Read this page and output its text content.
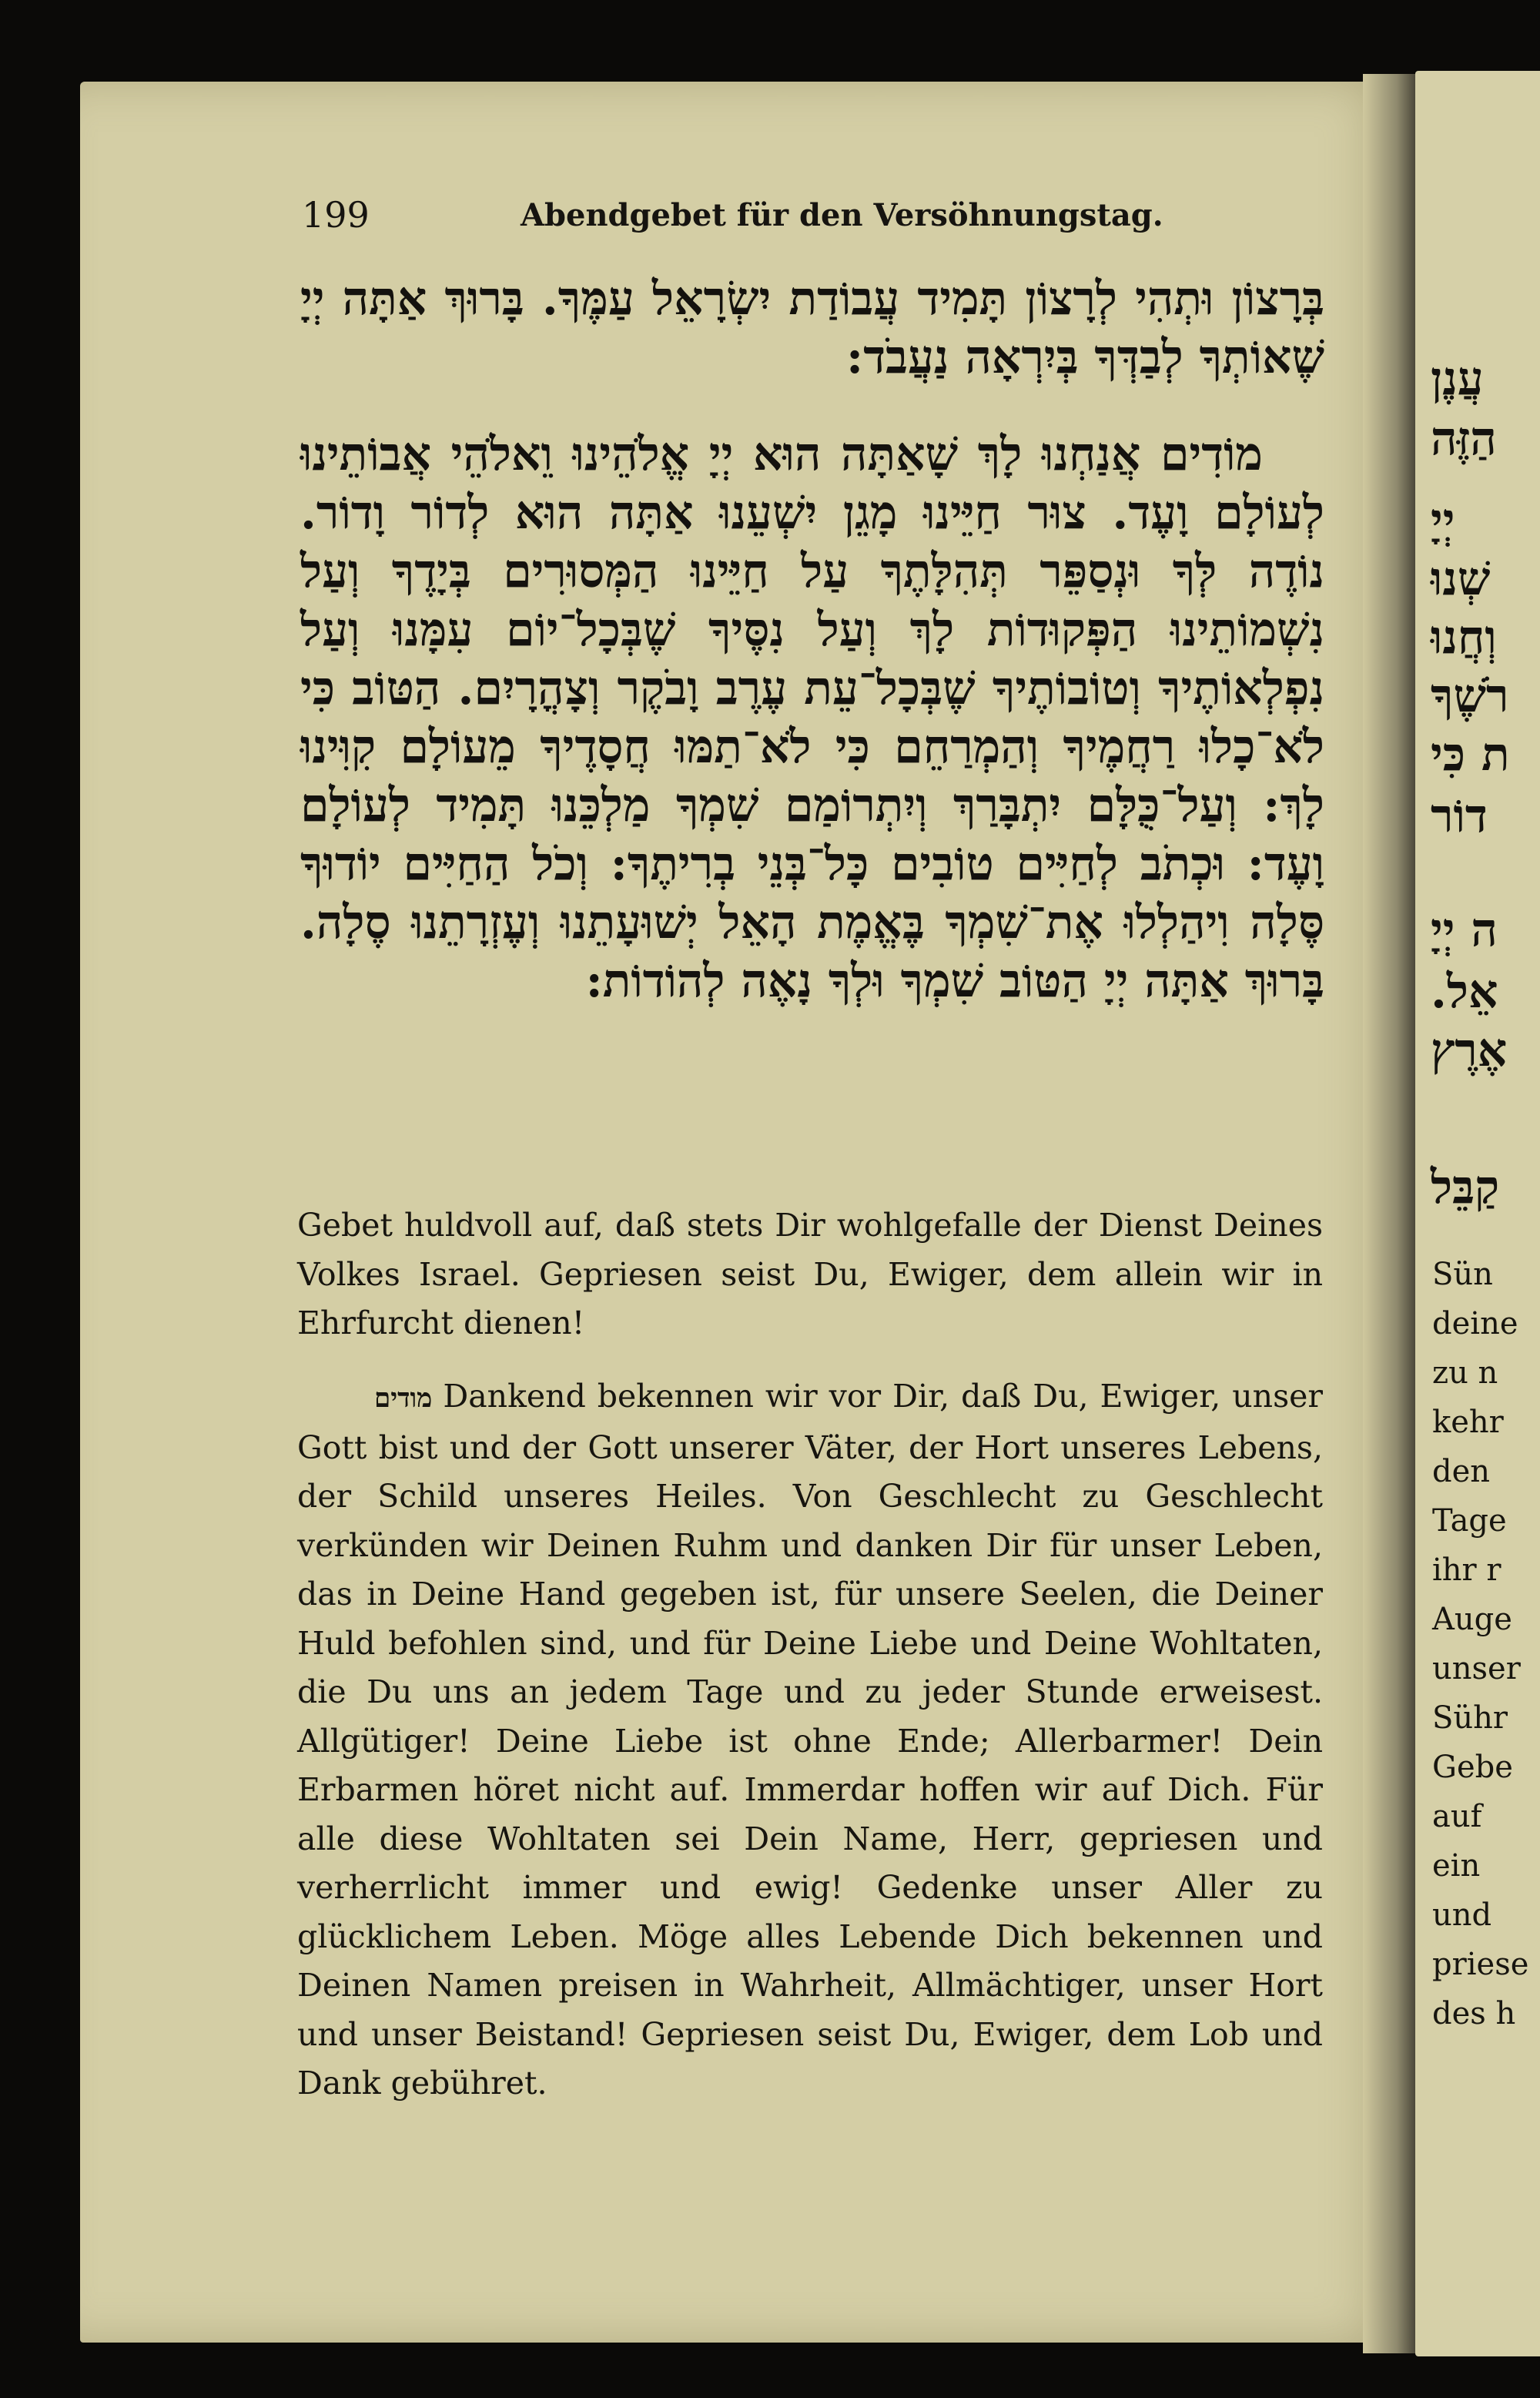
עֲנֶן
הַזֶּה
יְיָ
שְׁנוּ
וְחֲנוּ
רֹשֶׁךָ
ת כִּי
דוֹר
ה יְיָ
אֵל.
אֶרֶץ
קַבֵּל
Sün
deine
zu n
kehr
den
Tage
ihr r
Auge
unser
Sühr
Gebe
auf
ein
und
priese
des h
199	Abendgebet für den Versöhnungstag.
בְּרָצוֹן וּתְהִי לְרָצוֹן תָּמִיד עֲבוֹדַת יִשְׂרָאֵל עַמֶּךָ. בָּרוּךְ אַתָּה יְיָ שֶׁאוֹתְךָ לְבַדְּךָ בְּיִרְאָה נַעֲבֹד:
מוֹדִים אֲנַחְנוּ לָךְ שָׁאַתָּה הוּא יְיָ אֱלֹהֵינוּ וֵאלֹהֵי אֲבוֹתֵינוּ לְעוֹלָם וָעֶד. צוּר חַיֵּינוּ מָגֵן יִשְׁעֵנוּ אַתָּה הוּא לְדוֹר וָדוֹר. נוֹדֶה לְּךָ וּנְסַפֵּר תְּהִלָּתֶךָ עַל חַיֵּינוּ הַמְּסוּרִים בְּיָדֶךָ וְעַל נִשְׁמוֹתֵינוּ הַפְּקוּדוֹת לָךְ וְעַל נִסֶּיךָ שֶׁבְּכָל־יוֹם עִמָּנוּ וְעַל נִפְלְאוֹתֶיךָ וְטוֹבוֹתֶיךָ שֶׁבְּכָל־עֵת עֶרֶב וָבֹקֶר וְצָהֳרָיִם. הַטּוֹב כִּי לֹא־כָלוּ רַחֲמֶיךָ וְהַמְרַחֵם כִּי לֹא־תַמּוּ חֲסָדֶיךָ מֵעוֹלָם קִוִּינוּ לָךְ: וְעַל־כֻּלָּם יִתְבָּרַךְ וְיִתְרוֹמַם שִׁמְךָ מַלְכֵּנוּ תָּמִיד לְעוֹלָם וָעֶד: וּכְתֹב לְחַיִּים טוֹבִים כָּל־בְּנֵי בְרִיתֶךָ: וְכֹל הַחַיִּים יוֹדוּךָ סֶּלָה וִיהַלְלוּ אֶת־שִׁמְךָ בֶּאֱמֶת הָאֵל יְשׁוּעָתֵנוּ וְעֶזְרָתֵנוּ סֶלָה. בָּרוּךְ אַתָּה יְיָ הַטּוֹב שִׁמְךָ וּלְךָ נָאֶה לְהוֹדוֹת:
Gebet huldvoll auf, daß stets Dir wohlgefalle der Dienst Deines Volkes Israel. Gepriesen seist Du, Ewiger, dem allein wir in Ehrfurcht dienen!
מודים Dankend bekennen wir vor Dir, daß Du, Ewiger, unser Gott bist und der Gott unserer Väter, der Hort unseres Lebens, der Schild unseres Heiles. Von Geschlecht zu Geschlecht verkünden wir Deinen Ruhm und danken Dir für unser Leben, das in Deine Hand gegeben ist, für unsere Seelen, die Deiner Huld befohlen sind, und für Deine Liebe und Deine Wohltaten, die Du uns an jedem Tage und zu jeder Stunde erweisest. Allgütiger! Deine Liebe ist ohne Ende; Allerbarmer! Dein Erbarmen höret nicht auf. Immerdar hoffen wir auf Dich. Für alle diese Wohltaten sei Dein Name, Herr, gepriesen und verherrlicht immer und ewig! Gedenke unser Aller zu glücklichem Leben. Möge alles Lebende Dich bekennen und Deinen Namen preisen in Wahrheit, Allmächtiger, unser Hort und unser Beistand! Gepriesen seist Du, Ewiger, dem Lob und Dank gebühret.
